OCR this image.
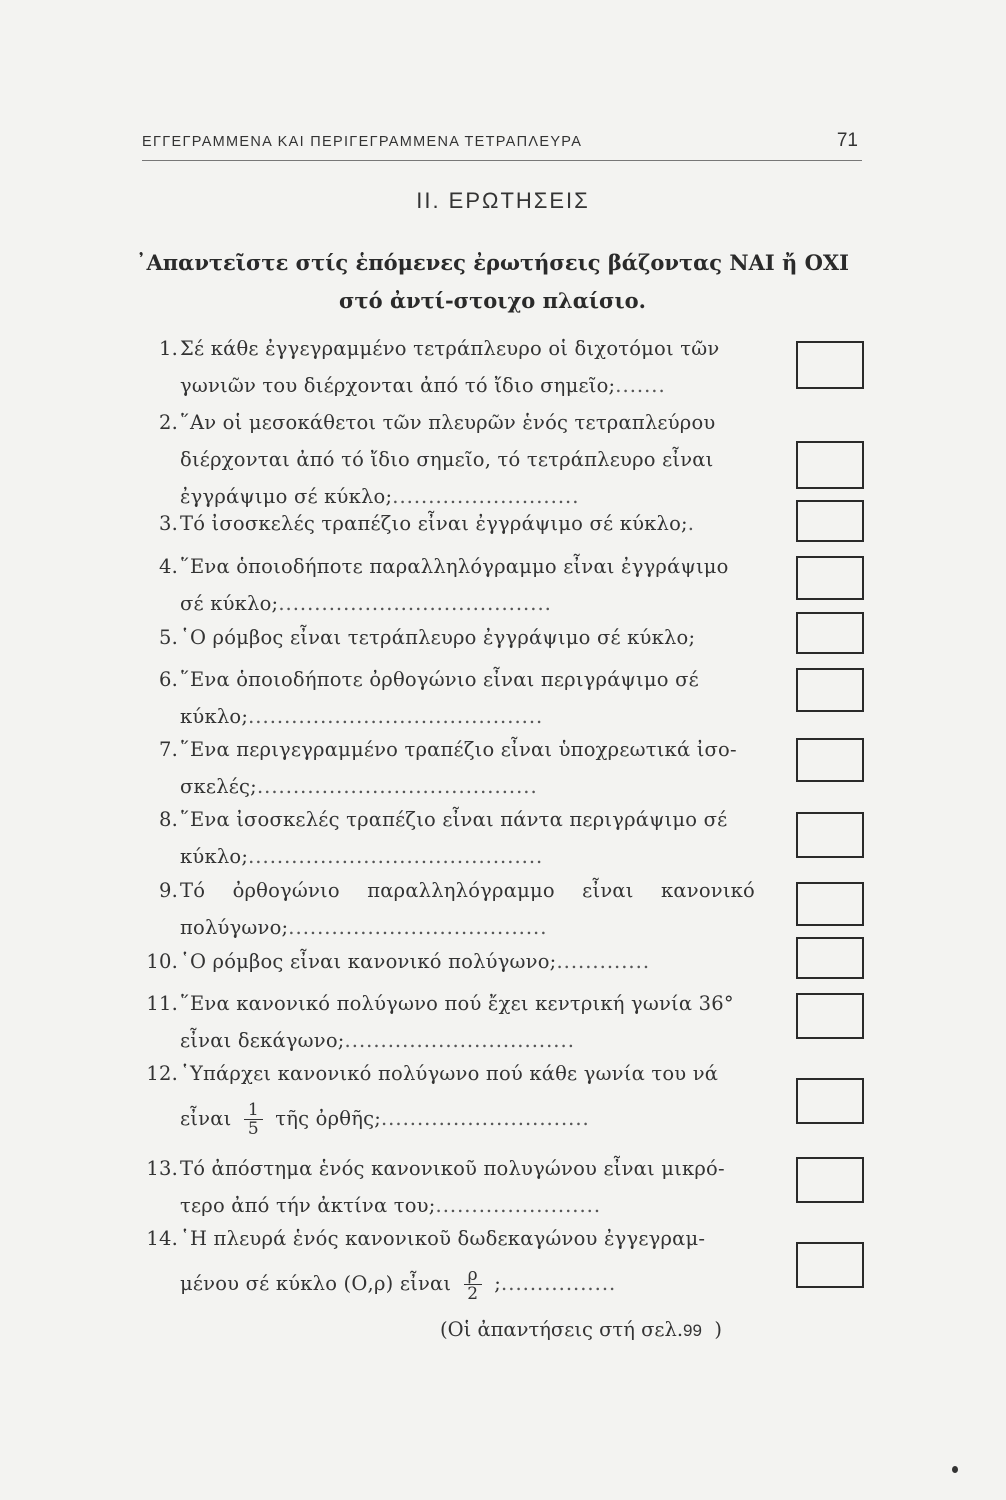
ΕΓΓΕΓΡΑΜΜΕΝΑ ΚΑΙ ΠΕΡΙΓΕΓΡΑΜΜΕΝΑ ΤΕΤΡΑΠΛΕΥΡΑ	71
II. ΕΡΩΤΗΣΕΙΣ
᾿Απαντεῖστε στίς ἑπόμενες ἐρωτήσεις βάζοντας ΝΑΙ ἤ ΟΧΙ στό ἀντί-στοιχο πλαίσιο.
1. Σέ κάθε ἐγγεγραμμένο τετράπλευρο οἱ διχοτόμοι τῶν
γωνιῶν του διέρχονται ἀπό τό ἴδιο σημεῖο;.......
2. ῞Αν οἱ μεσοκάθετοι τῶν πλευρῶν ἑνός τετραπλεύρου
διέρχονται ἀπό τό ἴδιο σημεῖο, τό τετράπλευρο εἶναι
ἐγγράψιμο σέ κύκλο;..........................
3. Τό ἰσοσκελές τραπέζιο εἶναι ἐγγράψιμο σέ κύκλο;.
4. ῞Ενα ὁποιοδήποτε παραλληλόγραμμο εἶναι ἐγγράψιμο
σέ κύκλο;......................................
5. ῾Ο ρόμβος εἶναι τετράπλευρο ἐγγράψιμο σέ κύκλο;
6. ῞Ενα ὁποιοδήποτε ὀρθογώνιο εἶναι περιγράψιμο σέ
κύκλο;.........................................
7. ῞Ενα περιγεγραμμένο τραπέζιο εἶναι ὑποχρεωτικά ἰσο-
σκελές;.......................................
8. ῞Ενα ἰσοσκελές τραπέζιο εἶναι πάντα περιγράψιμο σέ
κύκλο;.........................................
9. Τό ὀρθογώνιο παραλληλόγραμμο εἶναι κανονικό
πολύγωνο;....................................
10. ῾Ο ρόμβος εἶναι κανονικό πολύγωνο;.............
11. ῞Ενα κανονικό πολύγωνο πού ἔχει κεντρική γωνία 36°
εἶναι δεκάγωνο;................................
12. ῾Υπάρχει κανονικό πολύγωνο πού κάθε γωνία του νά
εἶναι $\frac{1}{5}$ τῆς ὀρθῆς;.............................
13. Τό ἀπόστημα ἑνός κανονικοῦ πολυγώνου εἶναι μικρό-
τερο ἀπό τήν ἀκτίνα του;.......................
14. ῾Η πλευρά ἑνός κανονικοῦ δωδεκαγώνου ἐγγεγραμ-
μένου σέ κύκλο (Ο,ρ) εἶναι $\frac{\rho}{2}$ ;................
(Οἱ ἀπαντήσεις στή σελ.99 )
